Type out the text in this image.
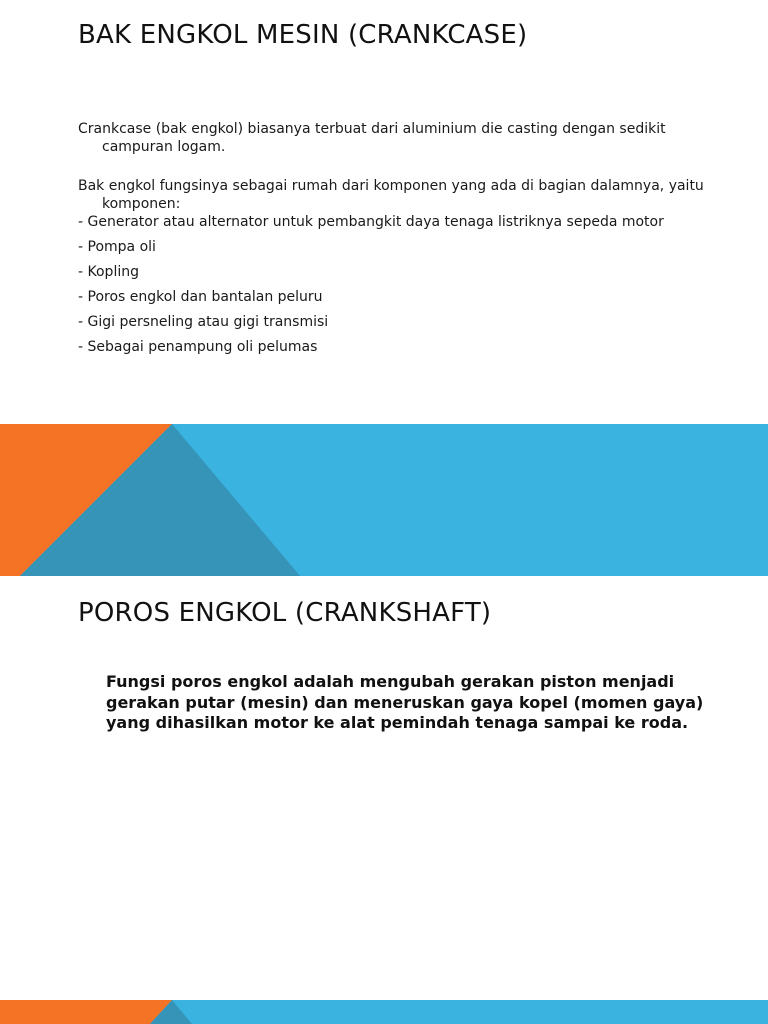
BAK ENGKOL MESIN (CRANKCASE)

Crankcase (bak engkol) biasanya terbuat dari aluminium die casting dengan sedikit campuran logam.

Bak engkol fungsinya sebagai rumah dari komponen yang ada di bagian dalamnya, yaitu komponen:

- Generator atau alternator untuk pembangkit daya tenaga listriknya sepeda motor

- Pompa oli

- Kopling

- Poros engkol dan bantalan peluru

- Gigi persneling atau gigi transmisi

- Sebagai penampung oli pelumas

POROS ENGKOL (CRANKSHAFT)

Fungsi poros engkol adalah mengubah gerakan piston menjadi gerakan putar (mesin) dan meneruskan gaya kopel (momen gaya) yang dihasilkan motor ke alat pemindah tenaga sampai ke roda.
